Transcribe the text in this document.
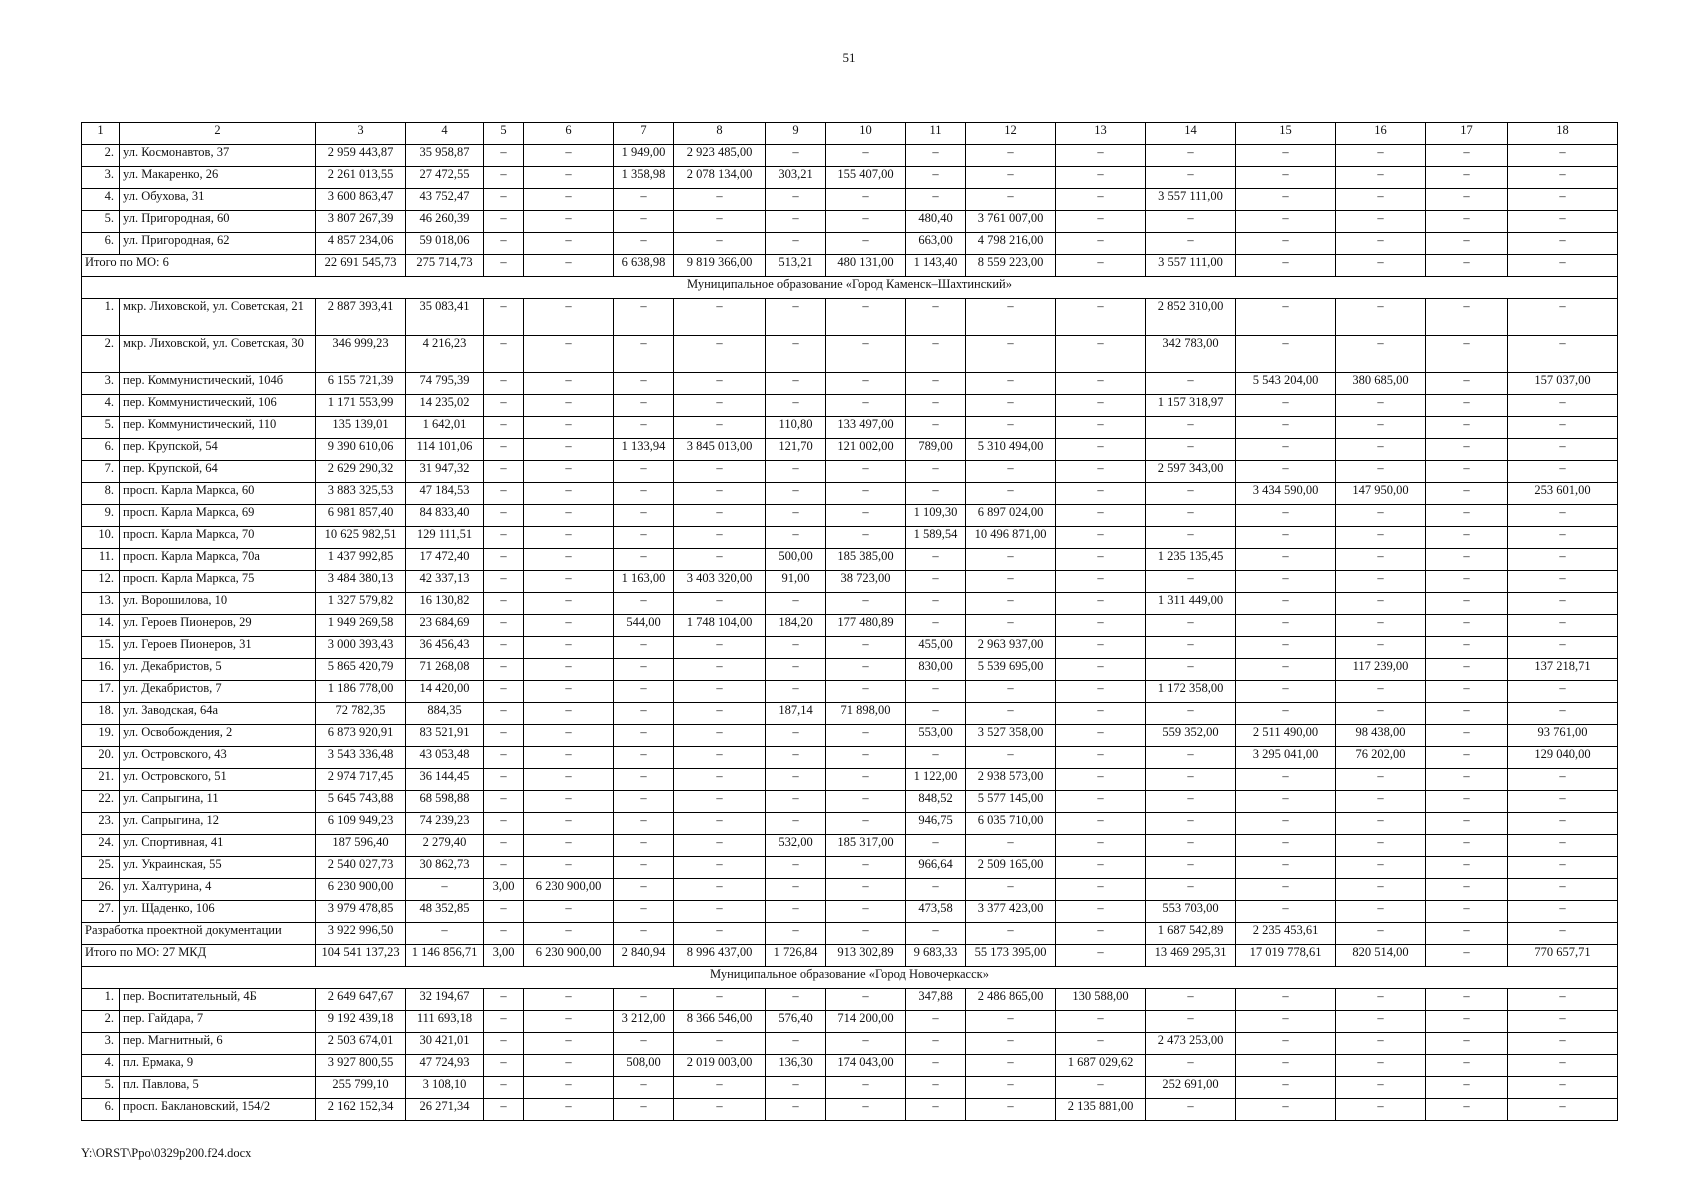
51
1	2	3	4	5	6	7	8	9	10	11	12	13	14	15	16	17	18
2.	ул. Космонавтов, 37	2 959 443,87	35 958,87	–	–	1 949,00	2 923 485,00	–	–	–	–	–	–	–	–	–	–
3.	ул. Макаренко, 26	2 261 013,55	27 472,55	–	–	1 358,98	2 078 134,00	303,21	155 407,00	–	–	–	–	–	–	–	–
4.	ул. Обухова, 31	3 600 863,47	43 752,47	–	–	–	–	–	–	–	–	–	3 557 111,00	–	–	–	–
5.	ул. Пригородная, 60	3 807 267,39	46 260,39	–	–	–	–	–	–	480,40	3 761 007,00	–	–	–	–	–	–
6.	ул. Пригородная, 62	4 857 234,06	59 018,06	–	–	–	–	–	–	663,00	4 798 216,00	–	–	–	–	–	–
Итого по МО: 6		22 691 545,73	275 714,73	–	–	6 638,98	9 819 366,00	513,21	480 131,00	1 143,40	8 559 223,00	–	3 557 111,00	–	–	–	–
Муниципальное образование «Город Каменск–Шахтинский»																	
1.	мкр. Лиховской, ул. Советская, 21	2 887 393,41	35 083,41	–	–	–	–	–	–	–	–	–	2 852 310,00	–	–	–	–
2.	мкр. Лиховской, ул. Советская, 30	346 999,23	4 216,23	–	–	–	–	–	–	–	–	–	342 783,00	–	–	–	–
3.	пер. Коммунистический, 104б	6 155 721,39	74 795,39	–	–	–	–	–	–	–	–	–	–	5 543 204,00	380 685,00	–	157 037,00
4.	пер. Коммунистический, 106	1 171 553,99	14 235,02	–	–	–	–	–	–	–	–	–	1 157 318,97	–	–	–	–
5.	пер. Коммунистический, 110	135 139,01	1 642,01	–	–	–	–	110,80	133 497,00	–	–	–	–	–	–	–	–
6.	пер. Крупской, 54	9 390 610,06	114 101,06	–	–	1 133,94	3 845 013,00	121,70	121 002,00	789,00	5 310 494,00	–	–	–	–	–	–
7.	пер. Крупской, 64	2 629 290,32	31 947,32	–	–	–	–	–	–	–	–	–	2 597 343,00	–	–	–	–
8.	просп. Карла Маркса, 60	3 883 325,53	47 184,53	–	–	–	–	–	–	–	–	–	–	3 434 590,00	147 950,00	–	253 601,00
9.	просп. Карла Маркса, 69	6 981 857,40	84 833,40	–	–	–	–	–	–	1 109,30	6 897 024,00	–	–	–	–	–	–
10.	просп. Карла Маркса, 70	10 625 982,51	129 111,51	–	–	–	–	–	–	1 589,54	10 496 871,00	–	–	–	–	–	–
11.	просп. Карла Маркса, 70а	1 437 992,85	17 472,40	–	–	–	–	500,00	185 385,00	–	–	–	1 235 135,45	–	–	–	–
12.	просп. Карла Маркса, 75	3 484 380,13	42 337,13	–	–	1 163,00	3 403 320,00	91,00	38 723,00	–	–	–	–	–	–	–	–
13.	ул. Ворошилова, 10	1 327 579,82	16 130,82	–	–	–	–	–	–	–	–	–	1 311 449,00	–	–	–	–
14.	ул. Героев Пионеров, 29	1 949 269,58	23 684,69	–	–	544,00	1 748 104,00	184,20	177 480,89	–	–	–	–	–	–	–	–
15.	ул. Героев Пионеров, 31	3 000 393,43	36 456,43	–	–	–	–	–	–	455,00	2 963 937,00	–	–	–	–	–	–
16.	ул. Декабристов, 5	5 865 420,79	71 268,08	–	–	–	–	–	–	830,00	5 539 695,00	–	–	–	117 239,00	–	137 218,71
17.	ул. Декабристов, 7	1 186 778,00	14 420,00	–	–	–	–	–	–	–	–	–	1 172 358,00	–	–	–	–
18.	ул. Заводская, 64а	72 782,35	884,35	–	–	–	–	187,14	71 898,00	–	–	–	–	–	–	–	–
19.	ул. Освобождения, 2	6 873 920,91	83 521,91	–	–	–	–	–	–	553,00	3 527 358,00	–	559 352,00	2 511 490,00	98 438,00	–	93 761,00
20.	ул. Островского, 43	3 543 336,48	43 053,48	–	–	–	–	–	–	–	–	–	–	3 295 041,00	76 202,00	–	129 040,00
21.	ул. Островского, 51	2 974 717,45	36 144,45	–	–	–	–	–	–	1 122,00	2 938 573,00	–	–	–	–	–	–
22.	ул. Сапрыгина, 11	5 645 743,88	68 598,88	–	–	–	–	–	–	848,52	5 577 145,00	–	–	–	–	–	–
23.	ул. Сапрыгина, 12	6 109 949,23	74 239,23	–	–	–	–	–	–	946,75	6 035 710,00	–	–	–	–	–	–
24.	ул. Спортивная, 41	187 596,40	2 279,40	–	–	–	–	532,00	185 317,00	–	–	–	–	–	–	–	–
25.	ул. Украинская, 55	2 540 027,73	30 862,73	–	–	–	–	–	–	966,64	2 509 165,00	–	–	–	–	–	–
26.	ул. Халтурина, 4	6 230 900,00	–	3,00	6 230 900,00	–	–	–	–	–	–	–	–	–	–	–	–
27.	ул. Щаденко, 106	3 979 478,85	48 352,85	–	–	–	–	–	–	473,58	3 377 423,00	–	553 703,00	–	–	–	–
Разработка проектной документации		3 922 996,50	–	–	–	–	–	–	–	–	–	–	1 687 542,89	2 235 453,61	–	–	–
Итого по МО: 27 МКД		104 541 137,23	1 146 856,71	3,00	6 230 900,00	2 840,94	8 996 437,00	1 726,84	913 302,89	9 683,33	55 173 395,00	–	13 469 295,31	17 019 778,61	820 514,00	–	770 657,71
Муниципальное образование «Город Новочеркасск»																	
1.	пер. Воспитательный, 4Б	2 649 647,67	32 194,67	–	–	–	–	–	–	347,88	2 486 865,00	130 588,00	–	–	–	–	–
2.	пер. Гайдара, 7	9 192 439,18	111 693,18	–	–	3 212,00	8 366 546,00	576,40	714 200,00	–	–	–	–	–	–	–	–
3.	пер. Магнитный, 6	2 503 674,01	30 421,01	–	–	–	–	–	–	–	–	–	2 473 253,00	–	–	–	–
4.	пл. Ермака, 9	3 927 800,55	47 724,93	–	–	508,00	2 019 003,00	136,30	174 043,00	–	–	1 687 029,62	–	–	–	–	–
5.	пл. Павлова, 5	255 799,10	3 108,10	–	–	–	–	–	–	–	–	–	252 691,00	–	–	–	–
6.	просп. Баклановский, 154/2	2 162 152,34	26 271,34	–	–	–	–	–	–	–	–	2 135 881,00	–	–	–	–	–
Y:\ORST\Ppo\0329p200.f24.docx
